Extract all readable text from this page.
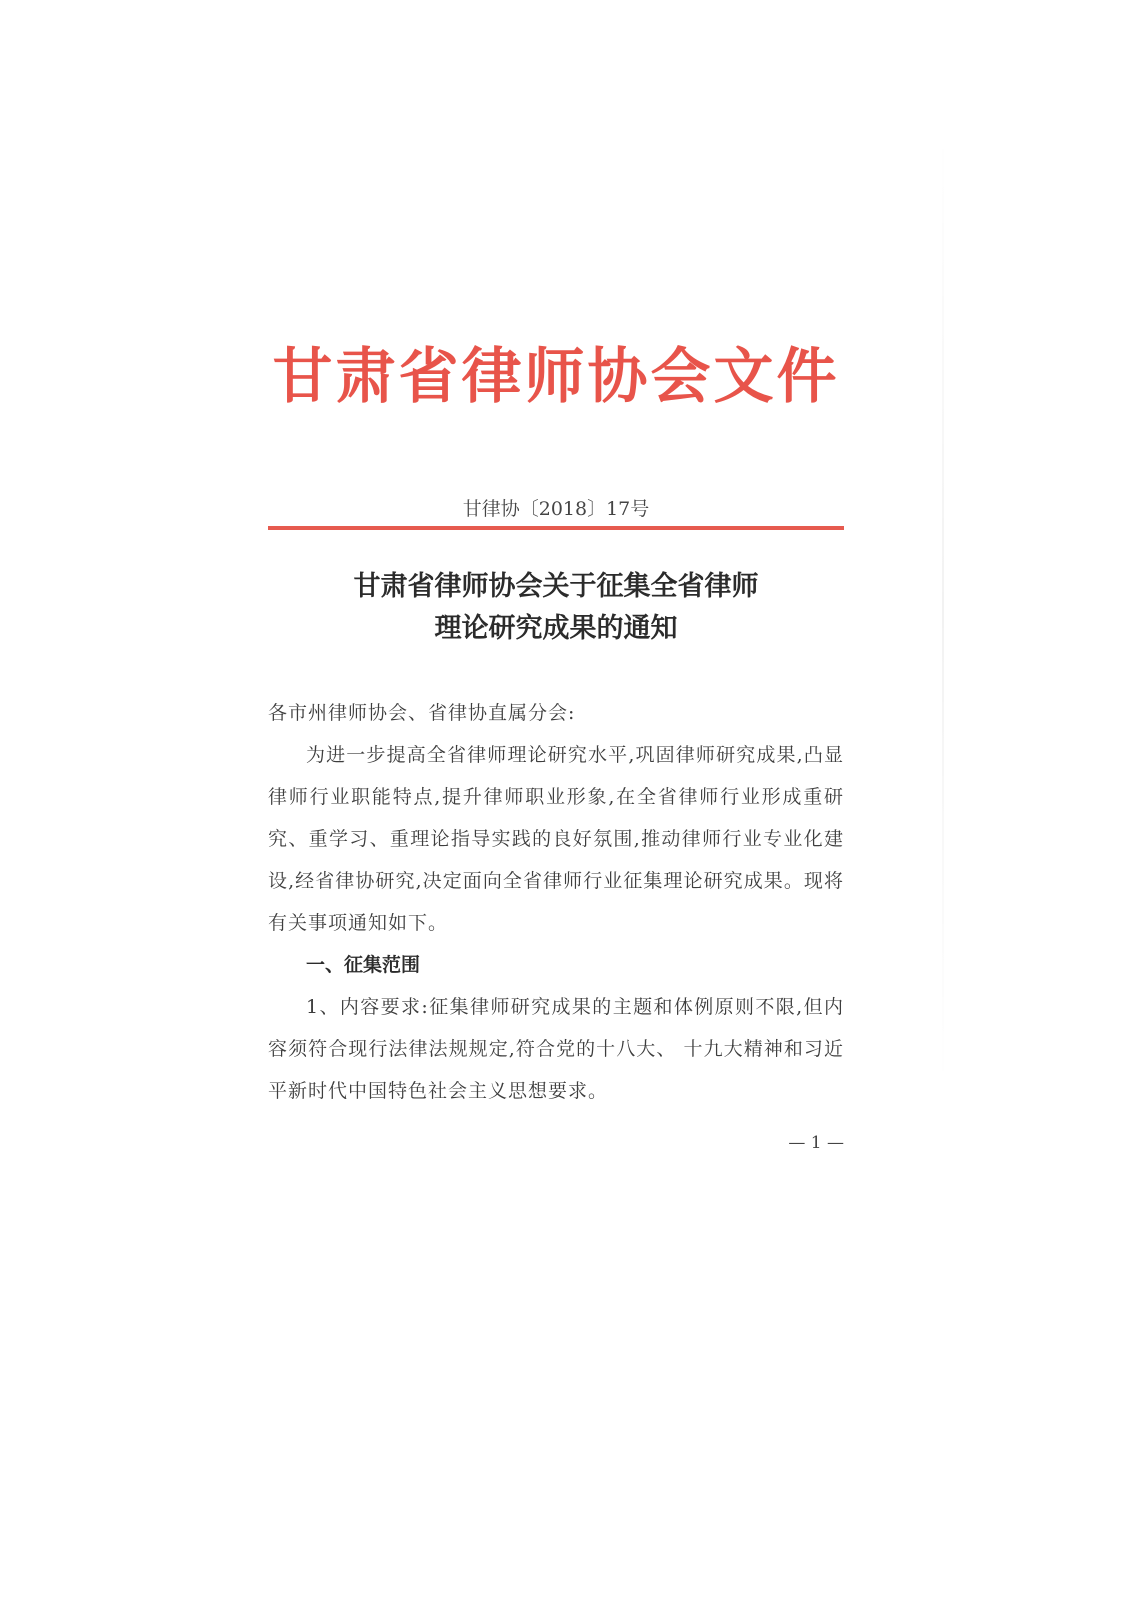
甘肃省律师协会文件
甘律协〔2018〕17号
甘肃省律师协会关于征集全省律师
理论研究成果的通知
各市州律师协会、省律协直属分会:
为进一步提高全省律师理论研究水平,巩固律师研究成果,凸显律师行业职能特点,提升律师职业形象,在全省律师行业形成重研究、重学习、重理论指导实践的良好氛围,推动律师行业专业化建设,经省律协研究,决定面向全省律师行业征集理论研究成果。现将有关事项通知如下。
一、征集范围
1、内容要求:征集律师研究成果的主题和体例原则不限,但内容须符合现行法律法规规定,符合党的十八大、 十九大精神和习近平新时代中国特色社会主义思想要求。
— 1 —
